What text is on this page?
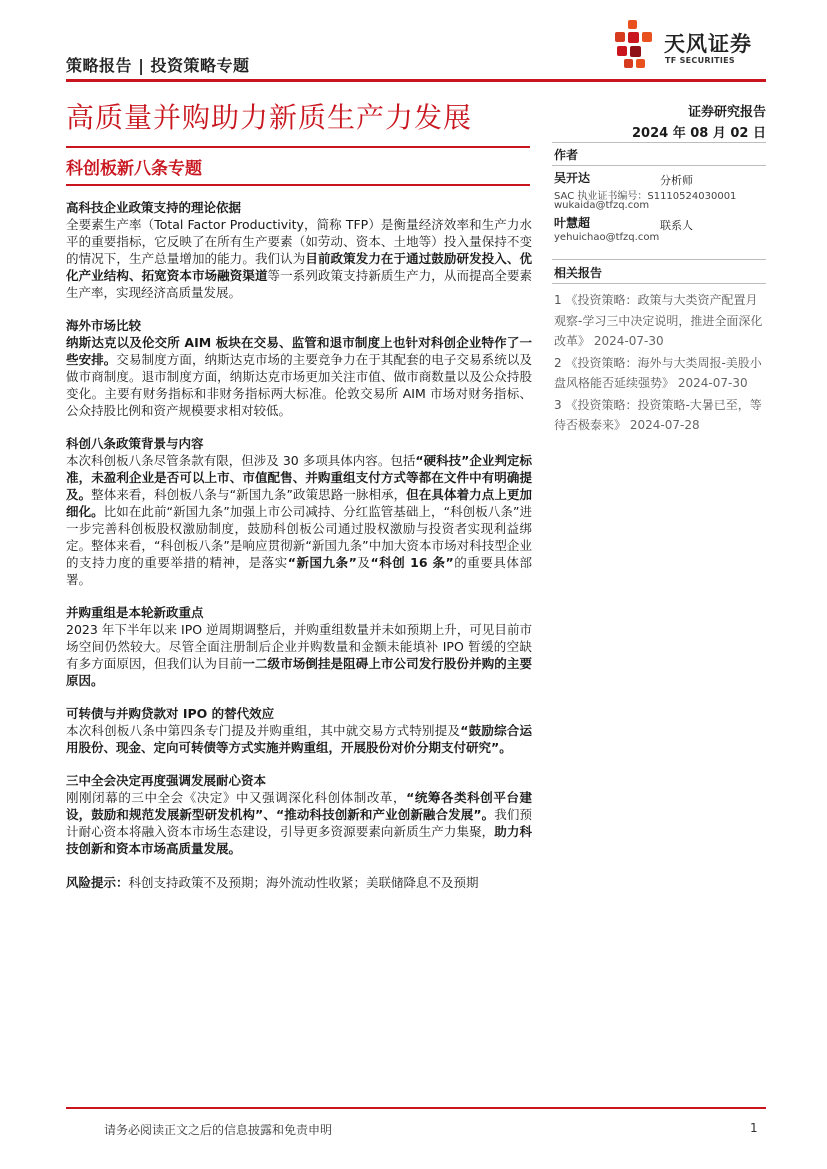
策略报告 | 投资策略专题
天风证券
TF SECURITIES
高质量并购助力新质生产力发展
科创板新八条专题
证券研究报告
2024 年 08 月 02 日
作者
吴开达	分析师
SAC 执业证书编号：S1110524030001
wukaida@tfzq.com
叶慧超	联系人
yehuichao@tfzq.com
相关报告
1 《投资策略：政策与大类资产配置月观察-学习三中决定说明，推进全面深化改革》 2024-07-30
2 《投资策略：海外与大类周报-美股小盘风格能否延续强势》 2024-07-30
3 《投资策略：投资策略-大暑已至，等待否极泰来》 2024-07-28
高科技企业政策支持的理论依据
全要素生产率（Total Factor Productivity，简称 TFP）是衡量经济效率和生产力水平的重要指标，它反映了在所有生产要素（如劳动、资本、土地等）投入量保持不变的情况下，生产总量增加的能力。我们认为目前政策发力在于通过鼓励研发投入、优化产业结构、拓宽资本市场融资渠道等一系列政策支持新质生产力，从而提高全要素生产率，实现经济高质量发展。
海外市场比较
纳斯达克以及伦交所 AIM 板块在交易、监管和退市制度上也针对科创企业特作了一些安排。交易制度方面，纳斯达克市场的主要竞争力在于其配套的电子交易系统以及做市商制度。退市制度方面，纳斯达克市场更加关注市值、做市商数量以及公众持股变化。主要有财务指标和非财务指标两大标准。伦敦交易所 AIM 市场对财务指标、公众持股比例和资产规模要求相对较低。
科创八条政策背景与内容
本次科创板八条尽管条款有限，但涉及 30 多项具体内容。包括“硬科技”企业判定标准，未盈利企业是否可以上市、市值配售、并购重组支付方式等都在文件中有明确提及。整体来看，科创板八条与“新国九条”政策思路一脉相承，但在具体着力点上更加细化。比如在此前“新国九条”加强上市公司减持、分红监管基础上，“科创板八条”进一步完善科创板股权激励制度，鼓励科创板公司通过股权激励与投资者实现利益绑定。整体来看，“科创板八条”是响应贯彻新“新国九条”中加大资本市场对科技型企业的支持力度的重要举措的精神，是落实“新国九条”及“科创 16 条”的重要具体部署。
并购重组是本轮新政重点
2023 年下半年以来 IPO 逆周期调整后，并购重组数量并未如预期上升，可见目前市场空间仍然较大。尽管全面注册制后企业并购数量和金额未能填补 IPO 暂缓的空缺有多方面原因，但我们认为目前一二级市场倒挂是阻碍上市公司发行股份并购的主要原因。
可转债与并购贷款对 IPO 的替代效应
本次科创板八条中第四条专门提及并购重组，其中就交易方式特别提及“鼓励综合运用股份、现金、定向可转债等方式实施并购重组，开展股份对价分期支付研究”。
三中全会决定再度强调发展耐心资本
刚刚闭幕的三中全会《决定》中又强调深化科创体制改革，“统筹各类科创平台建设，鼓励和规范发展新型研发机构”、“推动科技创新和产业创新融合发展”。我们预计耐心资本将融入资本市场生态建设，引导更多资源要素向新质生产力集聚，助力科技创新和资本市场高质量发展。
风险提示：科创支持政策不及预期；海外流动性收紧；美联储降息不及预期
请务必阅读正文之后的信息披露和免责申明	1
